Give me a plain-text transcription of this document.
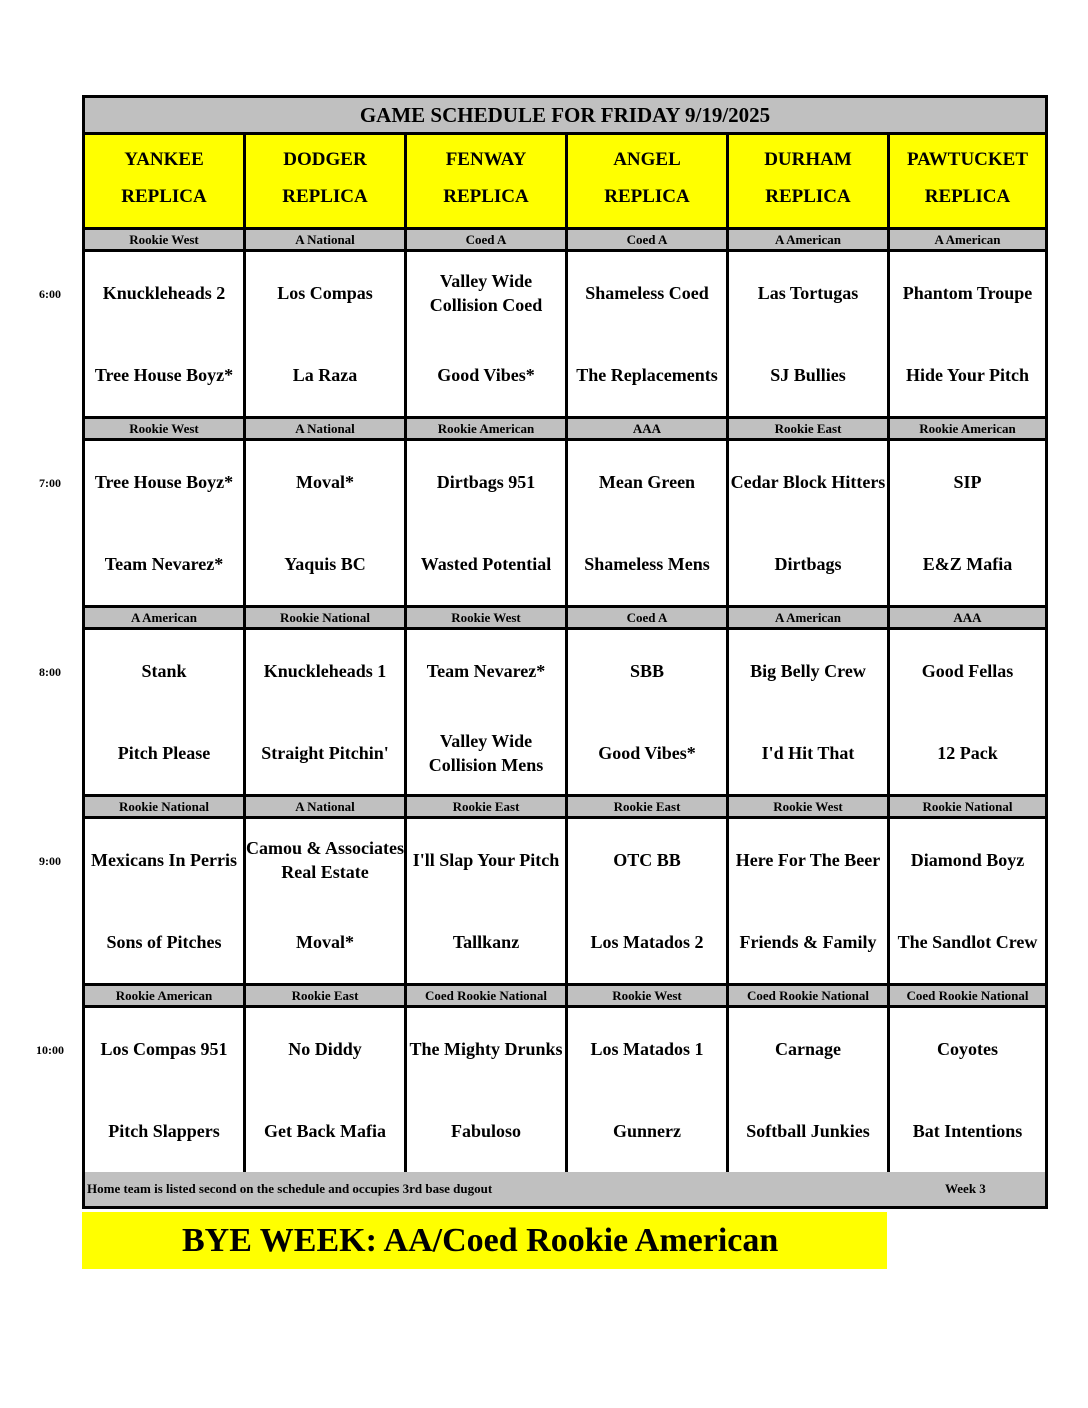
6:00
7:00
8:00
9:00
10:00
GAME SCHEDULE FOR FRIDAY 9/19/2025
YANKEE
REPLICA
DODGER
REPLICA
FENWAY
REPLICA
ANGEL
REPLICA
DURHAM
REPLICA
PAWTUCKET
REPLICA
Rookie West
Knuckleheads 2
Tree House Boyz*
A National
Los Compas
La Raza
Coed A
Valley Wide Collision Coed
Good Vibes*
Coed A
Shameless Coed
The Replacements
A American
Las Tortugas
SJ Bullies
A American
Phantom Troupe
Hide Your Pitch
Rookie West
Tree House Boyz*
Team Nevarez*
A National
Moval*
Yaquis BC
Rookie American
Dirtbags 951
Wasted Potential
AAA
Mean Green
Shameless Mens
Rookie East
Cedar Block Hitters
Dirtbags
Rookie American
SIP
E&Z Mafia
A American
Stank
Pitch Please
Rookie National
Knuckleheads 1
Straight Pitchin'
Rookie West
Team Nevarez*
Valley Wide Collision Mens
Coed A
SBB
Good Vibes*
A American
Big Belly Crew
I'd Hit That
AAA
Good Fellas
12 Pack
Rookie National
Mexicans In Perris
Sons of Pitches
A National
Camou & Associates Real Estate
Moval*
Rookie East
I'll Slap Your Pitch
Tallkanz
Rookie East
OTC BB
Los Matados 2
Rookie West
Here For The Beer
Friends & Family
Rookie National
Diamond Boyz
The Sandlot Crew
Rookie American
Los Compas 951
Pitch Slappers
Rookie East
No Diddy
Get Back Mafia
Coed Rookie National
The Mighty Drunks
Fabuloso
Rookie West
Los Matados 1
Gunnerz
Coed Rookie National
Carnage
Softball Junkies
Coed Rookie National
Coyotes
Bat Intentions
Home team is listed second on the schedule and occupies 3rd base dugout	Week 3
BYE WEEK: AA/Coed Rookie American
